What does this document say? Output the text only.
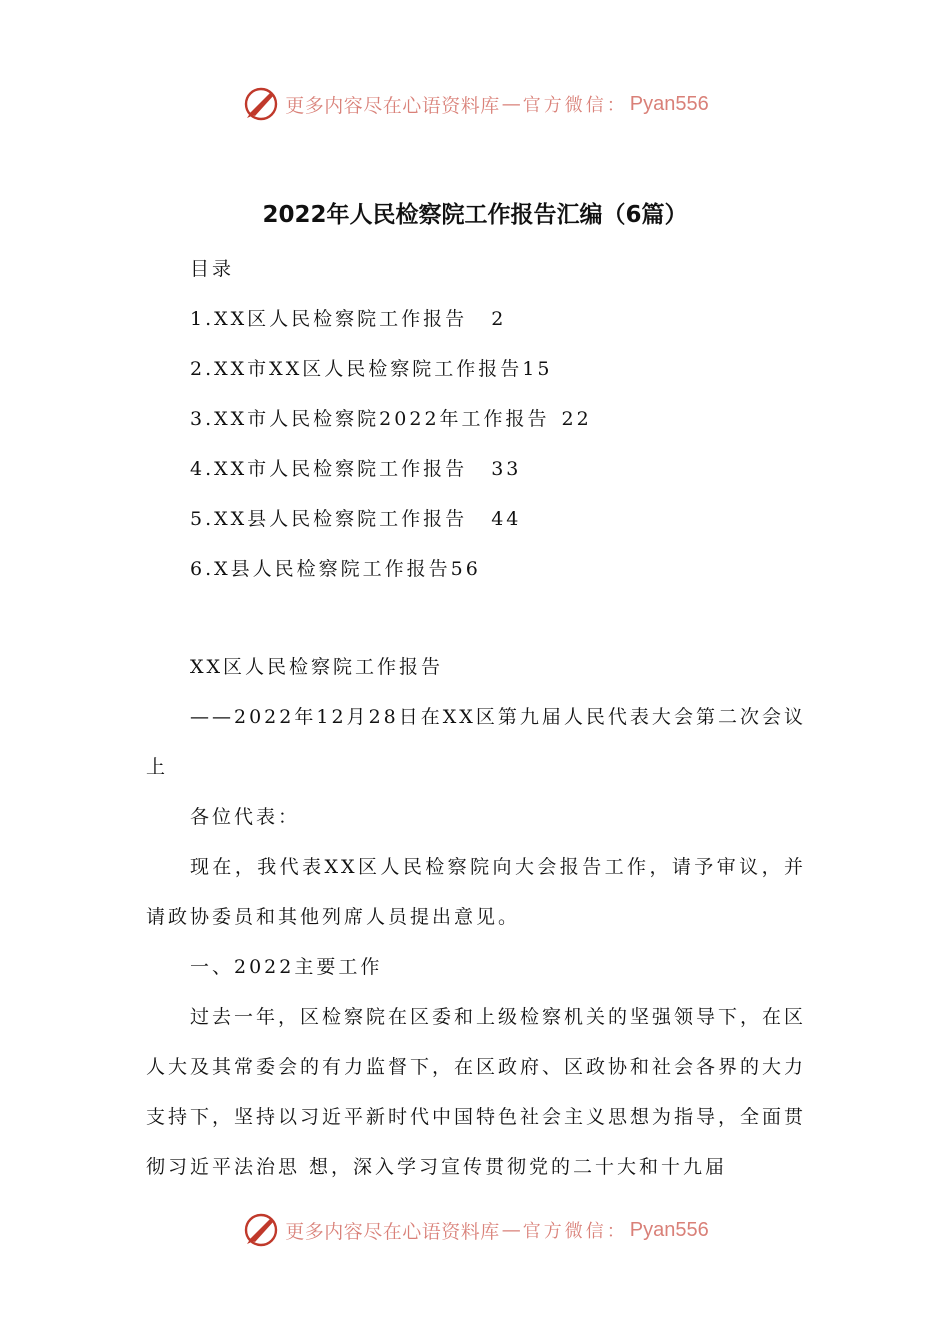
更多内容尽在心语资料库 — 官方微信： Pyan556
2022年人民检察院工作报告汇编（6篇）
目录
1.XX区人民检察院工作报告 2
2.XX市XX区人民检察院工作报告15
3.XX市人民检察院2022年工作报告 22
4.XX市人民检察院工作报告 33
5.XX县人民检察院工作报告 44
6.X县人民检察院工作报告56
XX区人民检察院工作报告

——2022年12月28日在XX区第九届人民代表大会第二次会议上

各位代表：

现在，我代表XX区人民检察院向大会报告工作，请予审议，并请政协委员和其他列席人员提出意见。

一、2022主要工作

过去一年，区检察院在区委和上级检察机关的坚强领导下，在区人大及其常委会的有力监督下，在区政府、区政协和社会各界的大力支持下，坚持以习近平新时代中国特色社会主义思想为指导，全面贯彻习近平法治思 想，深入学习宣传贯彻党的二十大和十九届

更多内容尽在心语资料库 — 官方微信： Pyan556
